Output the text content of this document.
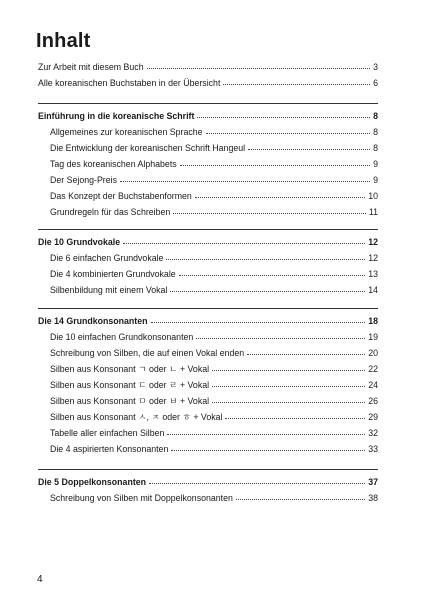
Inhalt
Zur Arbeit mit diesem Buch	3
Alle koreanischen Buchstaben in der Übersicht	6
Einführung in die koreanische Schrift	8
Allgemeines zur koreanischen Sprache	8
Die Entwicklung der koreanischen Schrift Hangeul	8
Tag des koreanischen Alphabets	9
Der Sejong-Preis	9
Das Konzept der Buchstabenformen	10
Grundregeln für das Schreiben	11
Die 10 Grundvokale	12
Die 6 einfachen Grundvokale	12
Die 4 kombinierten Grundvokale	13
Silbenbildung mit einem Vokal	14
Die 14 Grundkonsonanten	18
Die 10 einfachen Grundkonsonanten	19
Schreibung von Silben, die auf einen Vokal enden	20
Silben aus Konsonant ㄱ oder ㄴ + Vokal	22
Silben aus Konsonant ㄷ oder ㄹ + Vokal	24
Silben aus Konsonant ㅁ oder ㅂ + Vokal	26
Silben aus Konsonant ㅅ, ㅈ oder ㅎ + Vokal	29
Tabelle aller einfachen Silben	32
Die 4 aspirierten Konsonanten	33
Die 5 Doppelkonsonanten	37
Schreibung von Silben mit Doppelkonsonanten	38
4
